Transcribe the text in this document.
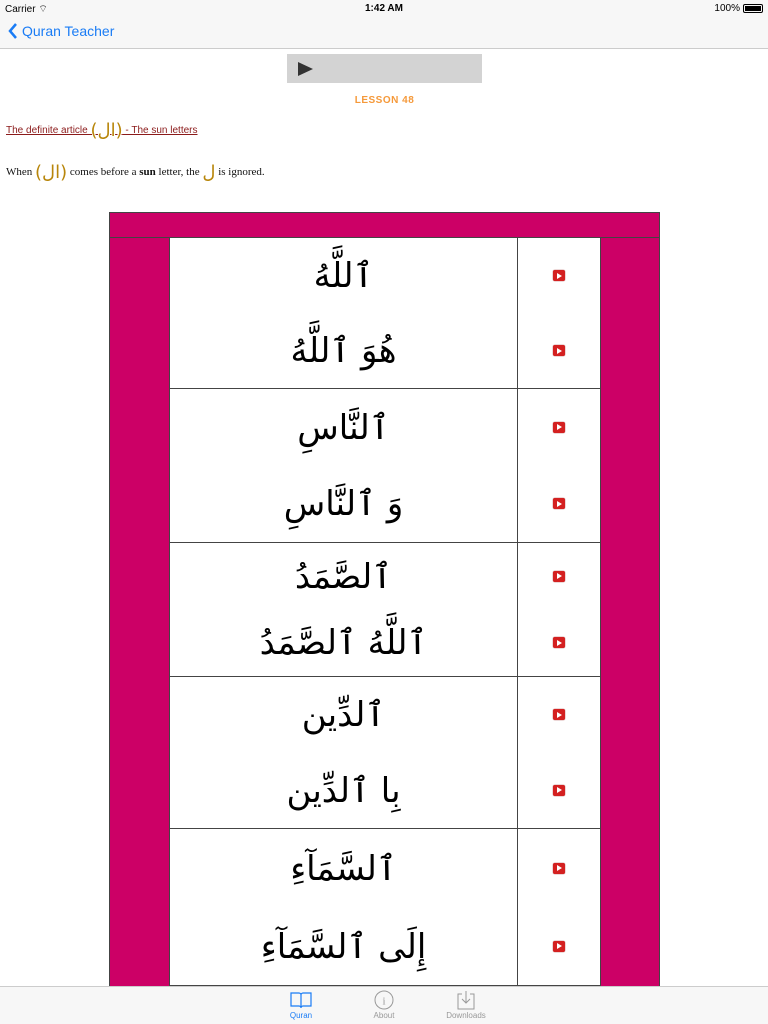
Carrier ︎⌔	1:42 AM	100%
Quran Teacher
LESSON 48
The definite article (ال) - The sun letters
When (ال) comes before a sun letter, the ل is ignored.
ٱللَّهُ
هُوَ ٱللَّهُ
ٱلنَّاسِ
وَ ٱلنَّاسِ
ٱلصَّمَدُ
ٱللَّهُ ٱلصَّمَدُ
ٱلدِّين
بِا ٱلدِّين
ٱلسَّمَآءِ
إِلَى ٱلسَّمَآءِ
Quran
i
About	Downloads
